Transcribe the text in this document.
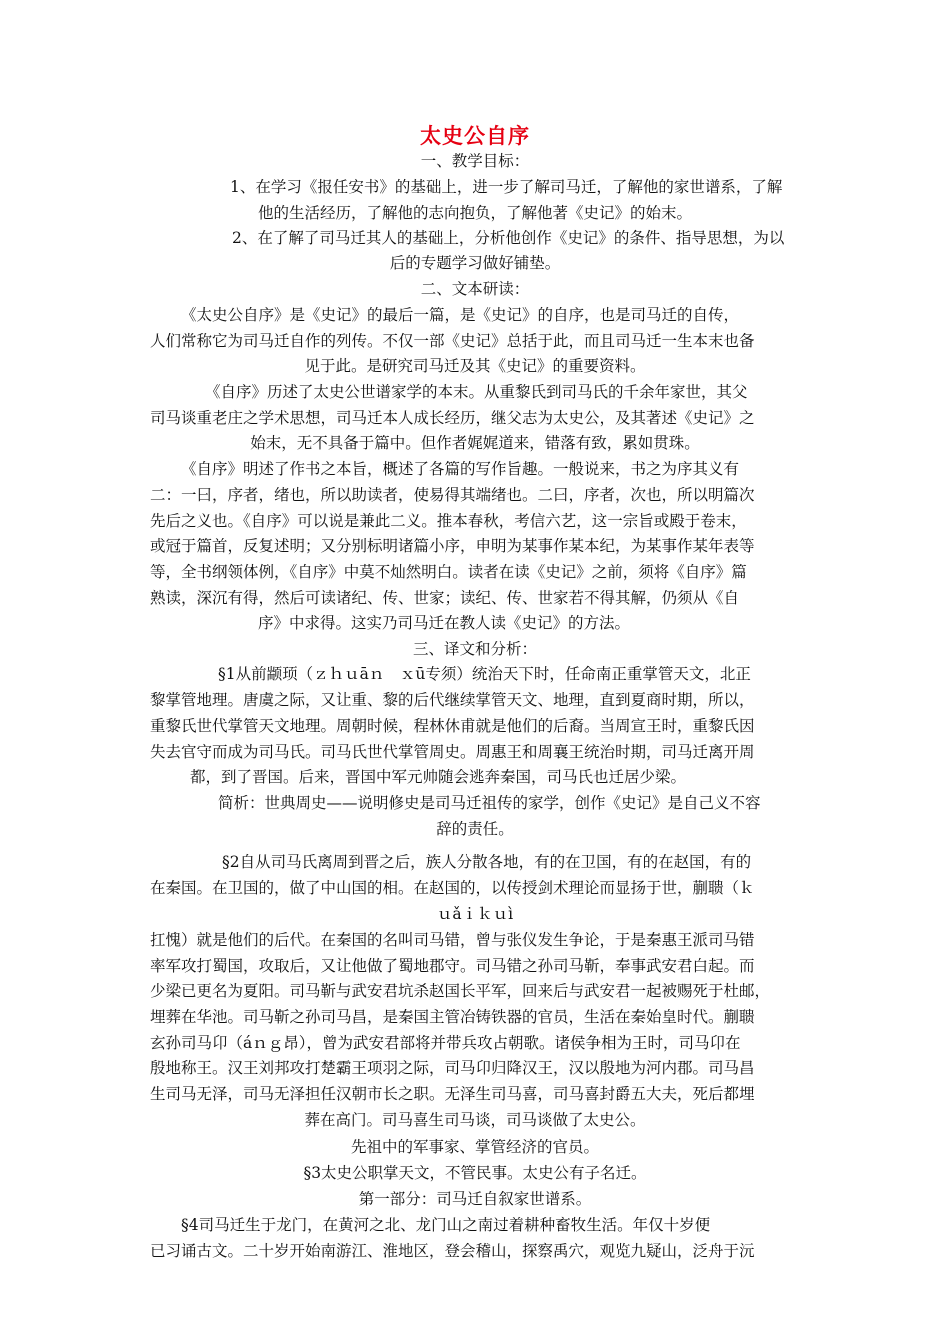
太史公自序
一、教学目标：
1、在学习《报任安书》的基础上，进一步了解司马迁，了解他的家世谱系，了解
他的生活经历，了解他的志向抱负，了解他著《史记》的始末。
2、在了解了司马迁其人的基础上，分析他创作《史记》的条件、指导思想，为以
后的专题学习做好铺垫。
二、文本研读：
《太史公自序》是《史记》的最后一篇，是《史记》的自序，也是司马迁的自传，
人们常称它为司马迁自作的列传。不仅一部《史记》总括于此，而且司马迁一生本末也备
见于此。是研究司马迁及其《史记》的重要资料。
《自序》历述了太史公世谱家学的本末。从重黎氏到司马氏的千余年家世，其父
司马谈重老庄之学术思想，司马迁本人成长经历，继父志为太史公，及其著述《史记》之
始末，无不具备于篇中。但作者娓娓道来，错落有致，累如贯珠。
《自序》明述了作书之本旨，概述了各篇的写作旨趣。一般说来，书之为序其义有
二：一曰，序者，绪也，所以助读者，使易得其端绪也。二曰，序者，次也，所以明篇次
先后之义也。《自序》可以说是兼此二义。推本春秋，考信六艺，这一宗旨或殿于卷末，
或冠于篇首，反复述明；又分别标明诸篇小序，申明为某事作某本纪，为某事作某年表等
等，全书纲领体例，《自序》中莫不灿然明白。读者在读《史记》之前，须将《自序》篇
熟读，深沉有得，然后可读诸纪、传、世家；读纪、传、世家若不得其解，仍须从《自
序》中求得。这实乃司马迁在教人读《史记》的方法。
三、译文和分析：
§1从前颛顼（ｚｈｕāｎ　ｘū专须）统治天下时，任命南正重掌管天文，北正
黎掌管地理。唐虞之际，又让重、黎的后代继续掌管天文、地理，直到夏商时期，所以，
重黎氏世代掌管天文地理。周朝时候，程林休甫就是他们的后裔。当周宣王时，重黎氏因
失去官守而成为司马氏。司马氏世代掌管周史。周惠王和周襄王统治时期，司马迁离开周
都，到了晋国。后来，晋国中军元帅随会逃奔秦国，司马氏也迁居少梁。
简析：世典周史——说明修史是司马迁祖传的家学，创作《史记》是自己义不容
辞的责任。
§2自从司马氏离周到晋之后，族人分散各地，有的在卫国，有的在赵国，有的
在秦国。在卫国的，做了中山国的相。在赵国的，以传授剑术理论而显扬于世，蒯聩（ｋ
ｕǎｉｋｕì
扛愧）就是他们的后代。在秦国的名叫司马错，曾与张仪发生争论，于是秦惠王派司马错
率军攻打蜀国，攻取后，又让他做了蜀地郡守。司马错之孙司马靳，奉事武安君白起。而
少梁已更名为夏阳。司马靳与武安君坑杀赵国长平军，回来后与武安君一起被赐死于杜邮，
埋葬在华池。司马靳之孙司马昌，是秦国主管冶铸铁器的官员，生活在秦始皇时代。蒯聩
玄孙司马卬（áｎｇ昂），曾为武安君部将并带兵攻占朝歌。诸侯争相为王时，司马卬在
殷地称王。汉王刘邦攻打楚霸王项羽之际，司马卬归降汉王，汉以殷地为河内郡。司马昌
生司马无泽，司马无泽担任汉朝市长之职。无泽生司马喜，司马喜封爵五大夫，死后都埋
葬在高门。司马喜生司马谈，司马谈做了太史公。
先祖中的军事家、掌管经济的官员。
§3太史公职掌天文，不管民事。太史公有子名迁。
第一部分：司马迁自叙家世谱系。
§4司马迁生于龙门，在黄河之北、龙门山之南过着耕种畜牧生活。年仅十岁便
已习诵古文。二十岁开始南游江、淮地区，登会稽山，探察禹穴，观览九疑山，泛舟于沅
